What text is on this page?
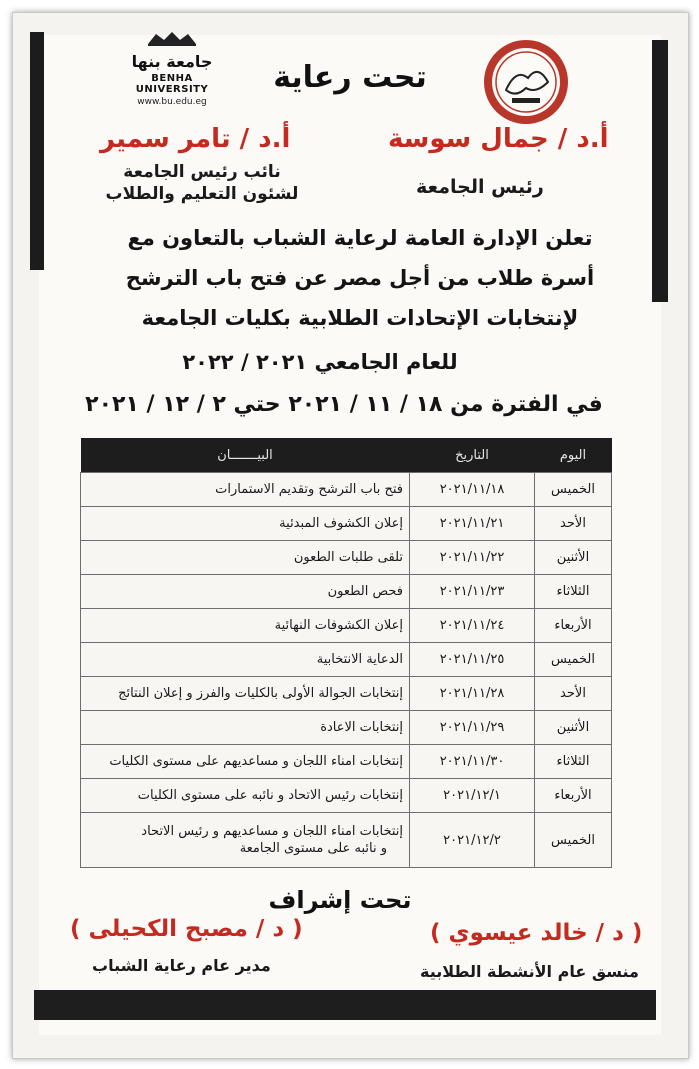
جامعة بنها
BENHA UNIVERSITY
www.bu.edu.eg
تحت رعاية
أ.د / جمال سوسة
رئيس الجامعة
أ.د / تامر سمير
نائب رئيس الجامعة
لشئون التعليم والطلاب
تعلن الإدارة العامة لرعاية الشباب بالتعاون مع
أسرة طلاب من أجل مصر عن فتح باب الترشح
لإنتخابات الإتحادات الطلابية بكليات الجامعة
للعام الجامعي ٢٠٢١ / ٢٠٢٢
في الفترة من ١٨ / ١١ / ٢٠٢١ حتي ٢ / ١٢ / ٢٠٢١
اليوم	التاريخ	البيـــــــان
الخميس	٢٠٢١/١١/١٨	فتح باب الترشح وتقديم الاستمارات
الأحد	٢٠٢١/١١/٢١	إعلان الكشوف المبدئية
الأثنين	٢٠٢١/١١/٢٢	تلقى طلبات الطعون
الثلاثاء	٢٠٢١/١١/٢٣	فحص الطعون
الأربعاء	٢٠٢١/١١/٢٤	إعلان الكشوفات النهائية
الخميس	٢٠٢١/١١/٢٥	الدعاية الانتخابية
الأحد	٢٠٢١/١١/٢٨	إنتخابات الجوالة الأولى بالكليات والفرز و إعلان النتائج
الأثنين	٢٠٢١/١١/٢٩	إنتخابات الاعادة
الثلاثاء	٢٠٢١/١١/٣٠	إنتخابات امناء اللجان و مساعديهم على مستوى الكليات
الأربعاء	٢٠٢١/١٢/١	إنتخابات رئيس الاتحاد و نائبه على مستوى الكليات
الخميس	٢٠٢١/١٢/٢	إنتخابات امناء اللجان و مساعديهم و رئيس الاتحاد
و نائبه على مستوى الجامعة
تحت إشراف
( د / خالد عيسوي )
منسق عام الأنشطة الطلابية
( د / مصبح الكحيلى )
مدير عام رعاية الشباب
